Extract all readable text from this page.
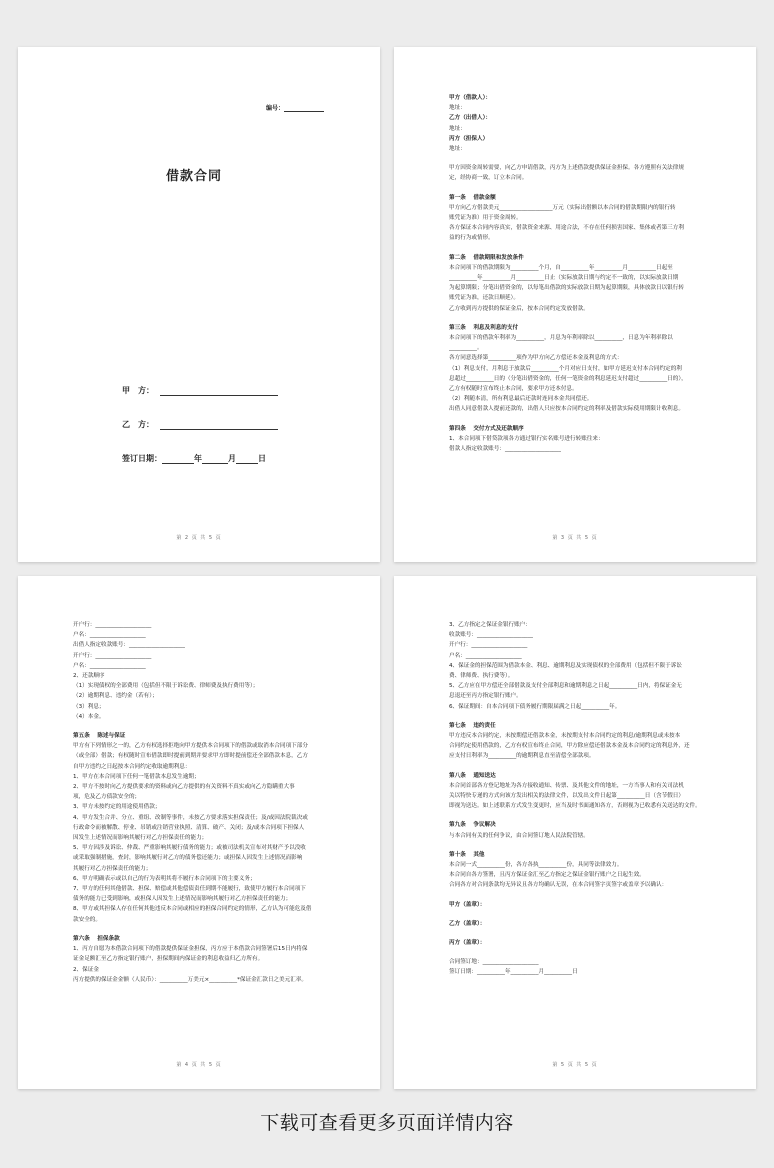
编号：
借款合同
甲　方：
乙　方：
签订日期：	年	月	日
第 2 页 共 5 页
甲方（借款人）：
地址：
乙方（出借人）：
地址：
丙方（担保人）
地址：
甲方因资金周转需要，向乙方申请借款，丙方为上述借款提供保证金担保。各方遵照有关法律规
定，经协商一致，订立本合同。
第一条　 借款金额
甲方向乙方借款美元___________________万元（实际出借额以本合同的借款期限内的银行转
账凭证为准）用于资金周转。
各方保证本合同内容真实，借款资金来源、用途合法，不存在任何损害国家、集体或者第三方利
益的行为或情形。
第二条　 借款期限和发放条件
本合同项下的借款期限为__________个月，自__________年__________月__________日起至
__________年__________月__________日止（实际放款日期与约定不一致的，以实际放款日期
为起算期限；分笔出借资金的，以每笔出借款的实际放款日期为起算期限，具体放款日以银行转
账凭证为准，还款日顺延）。
乙方收到丙方提供的保证金后，按本合同约定发放借款。
第三条　 利息及利息的支付
本合同项下的借款年利率为__________，月息为年利率除以__________，日息为年利率除以
__________。
各方同意选择第__________项作为甲方向乙方偿还本金及利息的方式：
（1）利息支付，月利息于放款后__________个月对应日支付，如甲方延迟支付本合同约定的利
息超过__________日的（分笔出借资金的，任何一笔资金的利息延迟支付超过__________日的），
乙方有权随时宣布终止本合同，要求甲方还本付息。
（2）利随本清，所有利息最后还款时连同本金共同偿还。
出借人同意借款人提前还款的，出借人只应按本合同约定的利率及借款实际使用期限计收利息。
第四条　 交付方式及还款顺序
1、本合同项下借贷款项各方通过银行实名账号进行转账往来：
借款人指定收款账号：____________________
第 3 页 共 5 页
开户行：____________________
户名：____________________
出借人指定收款账号：____________________
开户行：____________________
户名：____________________
2、还款顺序
（1）实现债权的全部费用（包括但不限于诉讼费、律师费及执行费用等）；
（2）逾期利息、违约金（若有）；
（3）利息；
（4）本金。
第五条　 陈述与保证
甲方有下列情形之一的，乙方有权选择拒绝向甲方提供本合同项下的借款或取消本合同项下部分
（或全部）借款；有权随时宣布借款即时提前到期并要求甲方即时提前偿还全部借款本息，乙方
自甲方违约之日起按本合同约定收取逾期利息：
1、甲方在本合同项下任何一笔借款本息发生逾期；
2、甲方不按时向乙方提供要求的资料或向乙方提供的有关资料不真实或向乙方隐瞒重大事
项，危及乙方债款安全的；
3、甲方未按约定的用途使用借款；
4、甲方发生合并、分立、重组、改制等事件，未按乙方要求落实担保责任；及/或因法院裁决或
行政命令而被解散、停业、吊销或注销营业执照、清算、破产、关闭；及/或本合同项下担保人
因发生上述情况而影响其履行对乙方担保责任的能力；
5、甲方因涉及诉讼、仲裁、严重影响其履行债务的能力；或被司法机关宣布对其财产予以没收
或采取强制措施，查封，影响其履行对乙方的债务偿还能力；或担保人因发生上述情况而影响
其履行对乙方担保责任的能力；
6、甲方明确表示或以自己的行为表明其将不履行本合同项下的主要义务；
7、甲方的任何其他借款、担保、赔偿或其他偿债责任到期不能履行，致使甲方履行本合同项下
债务的能力已受到影响，或担保人因发生上述情况而影响其履行对乙方担保责任的能力；
8、甲方或其担保人存在任何其他违反本合同或相应的担保合同约定的情形，乙方认为可能危及借
款安全的。
第六条　 担保条款
1、丙方自愿为本借款合同项下的借款提供保证金担保，丙方应于本借款合同签署后15日内将保
证金足额汇至乙方指定银行账户，担保期间内保证金的利息收益归乙方所有。
2、保证金
丙方提供的保证金金额（人民币）：__________万美元×__________*保证金汇款日之美元汇率。
第 4 页 共 5 页
3、乙方指定之保证金银行账户：
收款账号：____________________
开户行：____________________
户名：____________________
4、保证金的担保范围为借款本金、利息、逾期利息及实现债权的全部费用（包括但不限于诉讼
费、律师费、执行费等）。
5、乙方应在甲方偿还全部借款及支付全部利息和逾期利息之日起__________日内，将保证金无
息退还至丙方指定银行账户。
6、保证期间：自本合同项下债务履行期限届满之日起__________年。
第七条　 违约责任
甲方违反本合同约定，未按期偿还借款本金，未按期支付本合同约定的利息/逾期利息或未按本
合同约定使用借款的，乙方有权宣布终止合同，甲方除应偿还借款本金及本合同约定的利息外，还
应支付日利率为__________的逾期利息直至清偿全部款项。
第八条　 通知送达
本合同首部各方登记地址为各方接收通知、传票、及其他文件的地址，一方当事人和有关司法机
关以特快专递的方式向该方发出相关的法律文件，以发出文件日起第__________日（含节假日）
即视为送达。如上述联系方式发生变更时，应当及时书面通知各方，否则视为已收悉有关送达的文件。
第九条　 争议解决
与本合同有关的任何争议，由合同签订地人民法院管辖。
第十条　 其他
本合同一式__________份，各方各执__________份，具同等法律效力。
本合同自各方签署，且丙方保证金汇至乙方指定之保证金银行账户之日起生效。
合同各方对合同条款均无异议且各方均确认无误，在本合同签字页签字或盖章予以确认：
甲方（盖章）：
乙方（盖章）：
丙方（盖章）：
合同签订地：____________________
签订日期：__________年__________月__________日
第 5 页 共 5 页
下载可查看更多页面详情内容
